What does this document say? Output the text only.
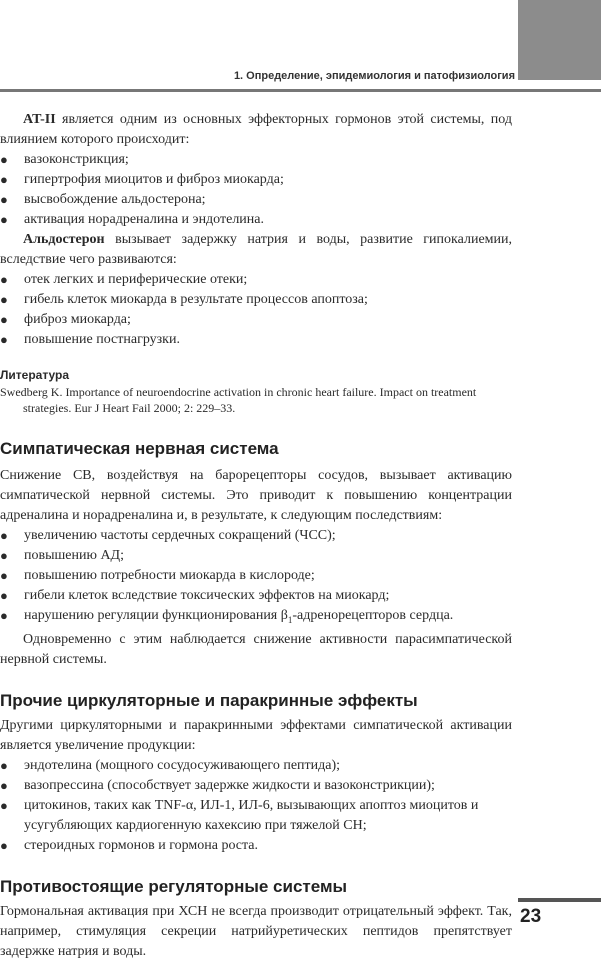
1. Определение, эпидемиология и патофизиология

AT-II является одним из основных эффекторных гормонов этой системы, под влиянием которого происходит:

● вазоконстрикция;
● гипертрофия миоцитов и фиброз миокарда;
● высвобождение альдостерона;
● активация норадреналина и эндотелина.

Альдостерон вызывает задержку натрия и воды, развитие гипокалиемии, вследствие чего развиваются:

● отек легких и периферические отеки;
● гибель клеток миокарда в результате процессов апоптоза;
● фиброз миокарда;
● повышение постнагрузки.
Литература

Swedberg K. Importance of neuroendocrine activation in chronic heart failure. Impact on treatment
strategies. Eur J Heart Fail 2000; 2: 229–33.

Симпатическая нервная система

Снижение СВ, воздействуя на барорецепторы сосудов, вызывает активацию симпатической нервной системы. Это приводит к повышению концентрации адреналина и норадреналина и, в результате, к следующим последствиям:

● увеличению частоты сердечных сокращений (ЧСС);
● повышению АД;
● повышению потребности миокарда в кислороде;
● гибели клеток вследствие токсических эффектов на миокард;
● нарушению регуляции функционирования $\beta_1$-адренорецепторов сердца.

Одновременно с этим наблюдается снижение активности парасимпатической нервной системы.

Прочие циркуляторные и паракринные эффекты

Другими циркуляторными и паракринными эффектами симпатической активации является увеличение продукции:

● эндотелина (мощного сосудосуживающего пептида);
● вазопрессина (способствует задержке жидкости и вазоконстрикции);
● цитокинов, таких как TNF-α, ИЛ-1, ИЛ-6, вызывающих апоптоз миоцитов и усугубляющих кардиогенную кахексию при тяжелой СН;
● стероидных гормонов и гормона роста.
Противостоящие регуляторные системы

Гормональная активация при ХСН не всегда производит отрицательный эффект. Так, например, стимуляция секреции натрийуретических пептидов препятствует задержке натрия и воды.

23
